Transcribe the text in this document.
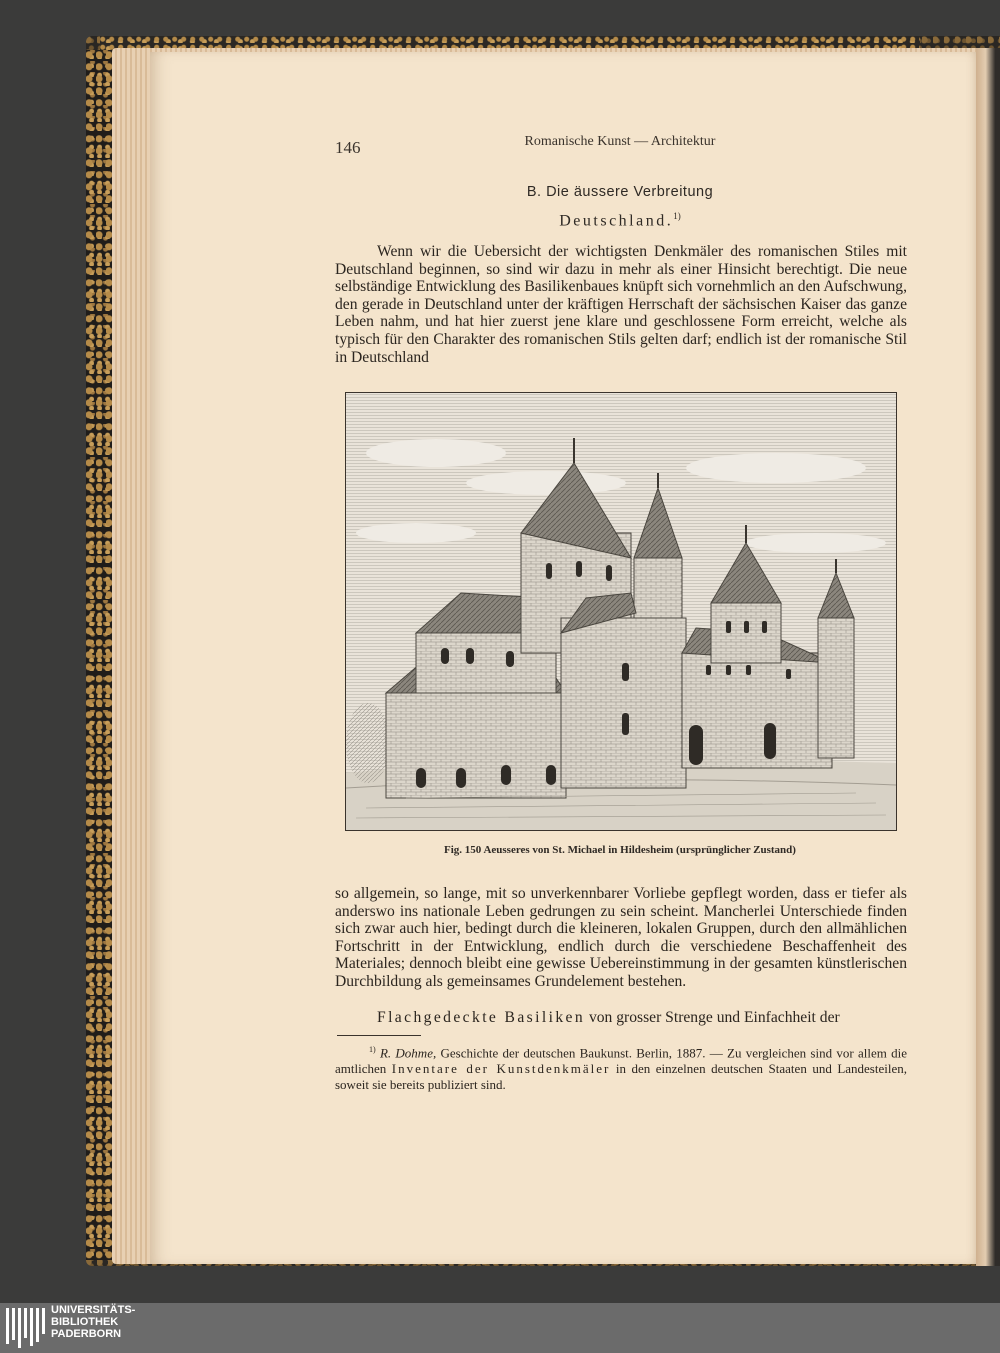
146	Romanische Kunst — Architektur
B. Die äussere Verbreitung
Deutschland.$^{1)}$
Wenn wir die Uebersicht der wichtigsten Denkmäler des romanischen Stiles mit Deutschland beginnen, so sind wir dazu in mehr als einer Hinsicht berechtigt. Die neue selbständige Entwicklung des Basilikenbaues knüpft sich vornehmlich an den Aufschwung, den gerade in Deutschland unter der kräftigen Herrschaft der sächsischen Kaiser das ganze Leben nahm, und hat hier zuerst jene klare und geschlossene Form erreicht, welche als typisch für den Charakter des romanischen Stils gelten darf; endlich ist der romanische Stil in Deutschland
Fig. 150 Aeusseres von St. Michael in Hildesheim (ursprünglicher Zustand)
so allgemein, so lange, mit so unverkennbarer Vorliebe gepflegt worden, dass er tiefer als anderswo ins nationale Leben gedrungen zu sein scheint. Mancherlei Unterschiede finden sich zwar auch hier, bedingt durch die kleineren, lokalen Gruppen, durch den allmählichen Fortschritt in der Entwicklung, endlich durch die verschiedene Beschaffenheit des Materiales; dennoch bleibt eine gewisse Uebereinstimmung in der gesamten künstlerischen Durchbildung als gemeinsames Grundelement bestehen.
Flachgedeckte Basiliken von grosser Strenge und Einfachheit der
$^{1)}$ R. Dohme, Geschichte der deutschen Baukunst. Berlin, 1887. — Zu vergleichen sind vor allem die amtlichen Inventare der Kunstdenkmäler in den einzelnen deutschen Staaten und Landesteilen, soweit sie bereits publiziert sind.
UNIVERSITÄTS-
BIBLIOTHEK
PADERBORN
